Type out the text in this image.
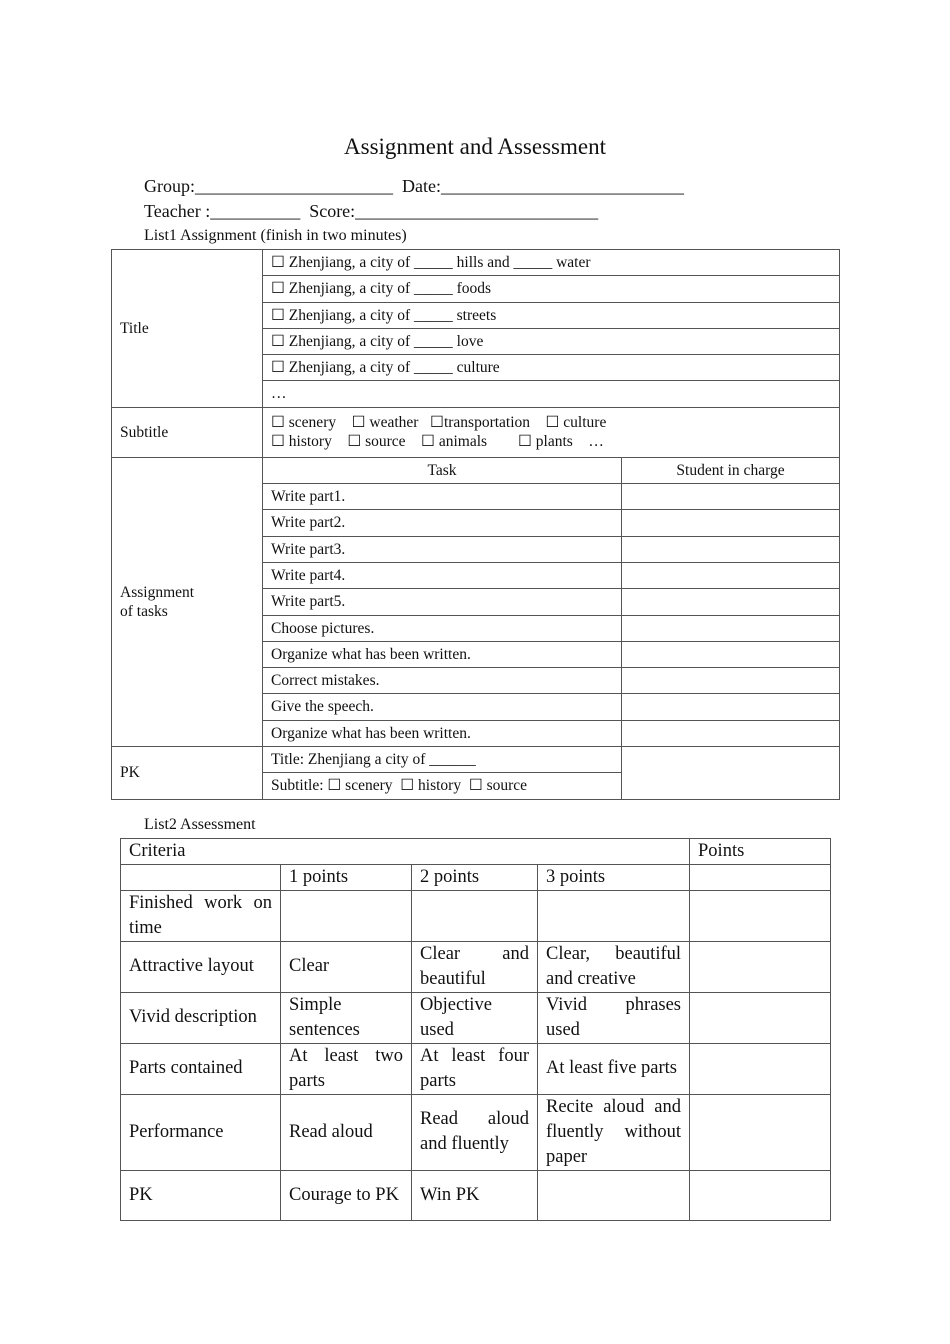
Assignment and Assessment
Group:______________________  Date:___________________________
Teacher :__________  Score:___________________________
List1 Assignment (finish in two minutes)
Title	☐ Zhenjiang, a city of _____ hills and _____ water	
	☐ Zhenjiang, a city of _____ foods	
	☐ Zhenjiang, a city of _____ streets	
	☐ Zhenjiang, a city of _____ love	
	☐ Zhenjiang, a city of _____ culture	
	…	
Subtitle	☐ scenery    ☐ weather   ☐transportation    ☐ culture
☐ history    ☐ source    ☐ animals        ☐ plants    …	

Assignment
of tasks	Task	Student in charge
	Write part1.	
	Write part2.	
	Write part3.	
	Write part4.	
	Write part5.	
	Choose pictures.	
	Organize what has been written.	
	Correct mistakes.	
	Give the speech.	
	Organize what has been written.	
PK	Title: Zhenjiang a city of ______	
	Subtitle: ☐ scenery  ☐ history  ☐ source	
List2 Assessment
Criteria				Points
	1 points	2 points	3 points	
Finished work on time				
Attractive layout	Clear	Clear and beautiful	Clear, beautiful and creative	
Vivid description	Simple sentences	Objective used	Vivid phrases used	
Parts contained	At least two parts	At least four parts	At least five parts	
Performance	Read aloud	Read aloud and fluently	Recite aloud and fluently without paper	
PK	Courage to PK	Win PK		
